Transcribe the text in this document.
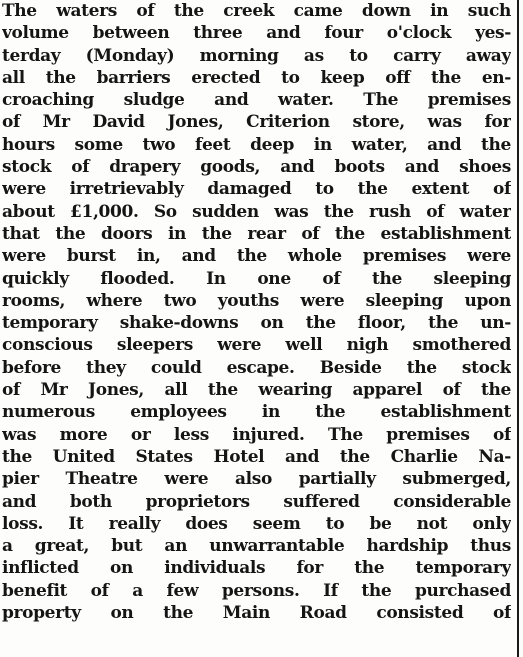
The waters of the creek came down in such
volume between three and four o'clock yes-
terday (Monday) morning as to carry away
all the barriers erected to keep off the en-
croaching sludge and water. The premises
of Mr David Jones, Criterion store, was for
hours some two feet deep in water, and the
stock of drapery goods, and boots and shoes
were irretrievably damaged to the extent of
about £1,000. So sudden was the rush of water
that the doors in the rear of the establishment
were burst in, and the whole premises were
quickly flooded. In one of the sleeping
rooms, where two youths were sleeping upon
temporary shake-downs on the floor, the un-
conscious sleepers were well nigh smothered
before they could escape. Beside the stock
of Mr Jones, all the wearing apparel of the
numerous employees in the establishment
was more or less injured. The premises of
the United States Hotel and the Charlie Na-
pier Theatre were also partially submerged,
and both proprietors suffered considerable
loss. It really does seem to be not only
a great, but an unwarrantable hardship thus
inflicted on individuals for the temporary
benefit of a few persons. If the purchased
property on the Main Road consisted of
